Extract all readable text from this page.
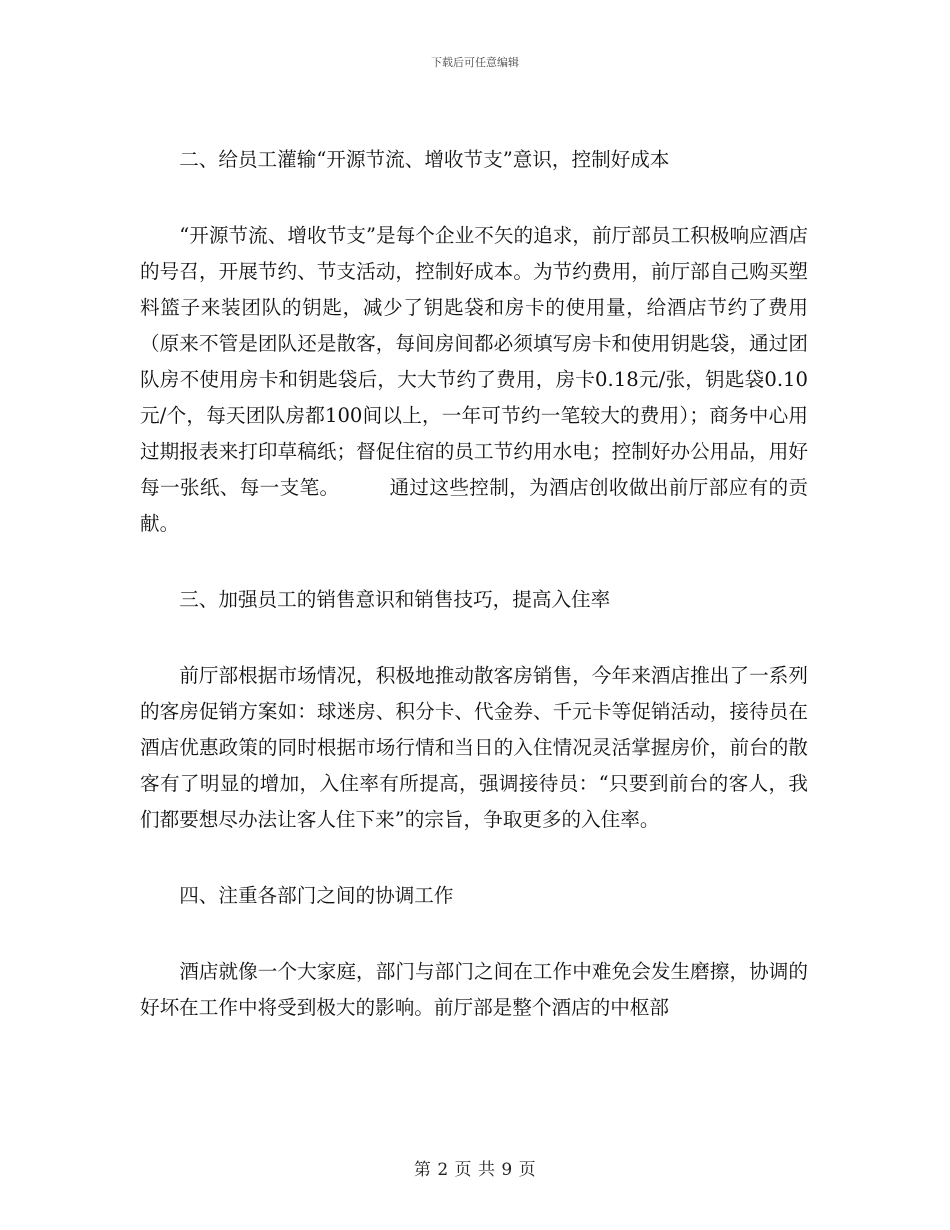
下载后可任意编辑
二、给员工灌输“开源节流、增收节支”意识，控制好成本
“开源节流、增收节支”是每个企业不矢的追求，前厅部员工积极响应酒店的号召，开展节约、节支活动，控制好成本。为节约费用，前厅部自己购买塑料篮子来装团队的钥匙，减少了钥匙袋和房卡的使用量，给酒店节约了费用（原来不管是团队还是散客，每间房间都必须填写房卡和使用钥匙袋，通过团队房不使用房卡和钥匙袋后，大大节约了费用，房卡0.18元/张，钥匙袋0.10元/个，每天团队房都100间以上，一年可节约一笔较大的费用）；商务中心用过期报表来打印草稿纸；督促住宿的员工节约用水电；控制好办公用品，用好每一张纸、每一支笔。　　　通过这些控制，为酒店创收做出前厅部应有的贡献。
三、加强员工的销售意识和销售技巧，提高入住率
前厅部根据市场情况，积极地推动散客房销售，今年来酒店推出了一系列的客房促销方案如：球迷房、积分卡、代金券、千元卡等促销活动，接待员在酒店优惠政策的同时根据市场行情和当日的入住情况灵活掌握房价，前台的散客有了明显的增加，入住率有所提高，强调接待员：“只要到前台的客人，我们都要想尽办法让客人住下来”的宗旨，争取更多的入住率。
四、注重各部门之间的协调工作
酒店就像一个大家庭，部门与部门之间在工作中难免会发生磨擦，协调的好坏在工作中将受到极大的影响。前厅部是整个酒店的中枢部
第 2 页 共 9 页
